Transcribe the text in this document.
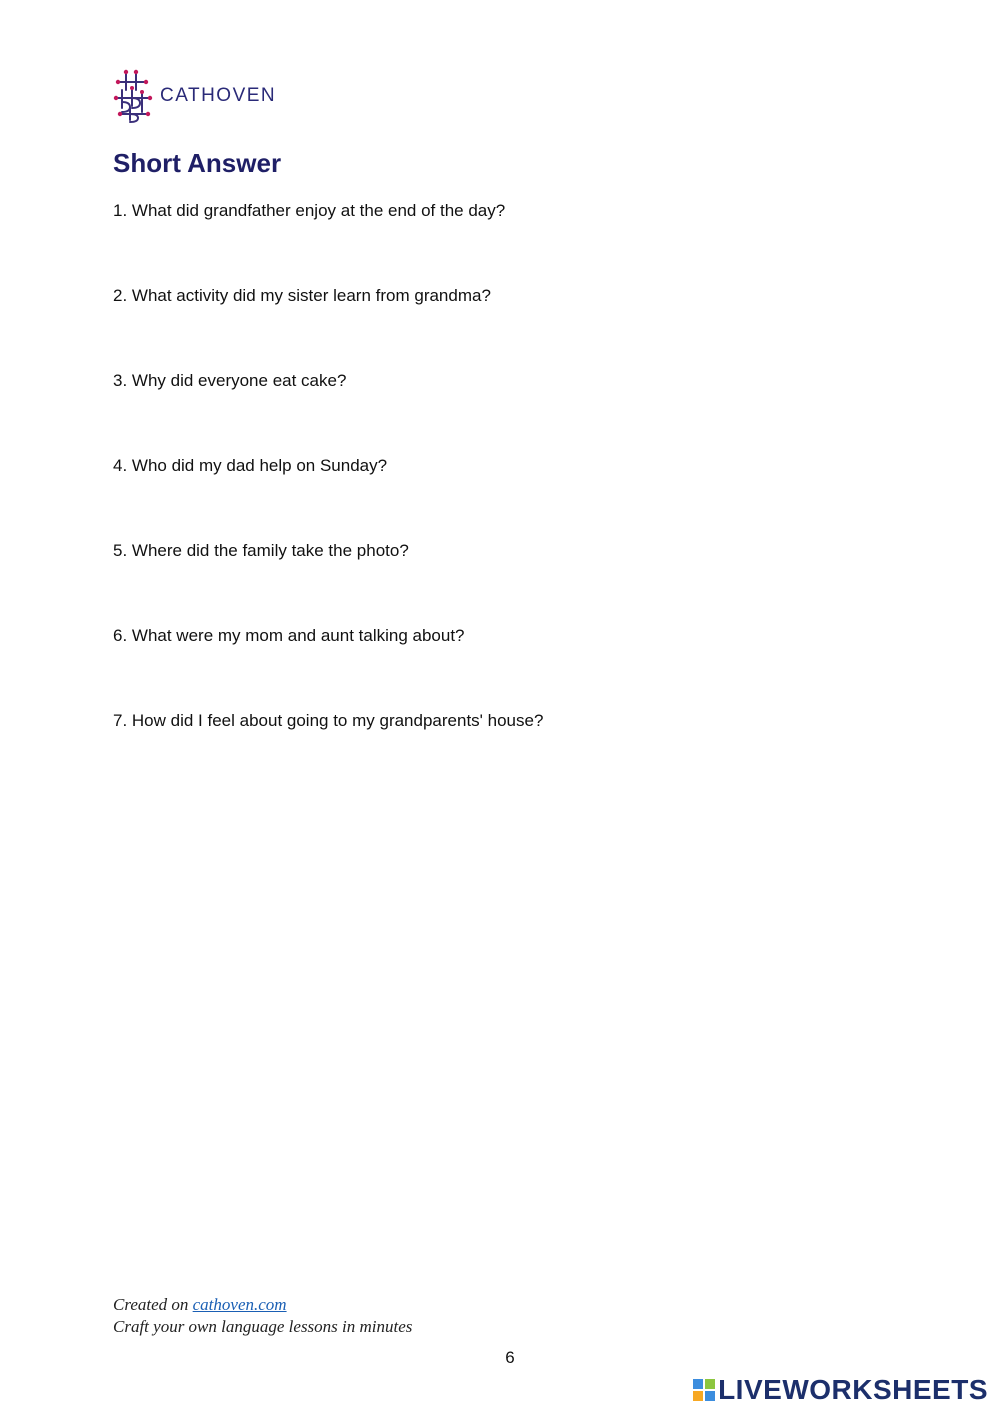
CATHOVEN
Short Answer
1. What did grandfather enjoy at the end of the day?
2. What activity did my sister learn from grandma?
3. Why did everyone eat cake?
4. Who did my dad help on Sunday?
5. Where did the family take the photo?
6. What were my mom and aunt talking about?
7. How did I feel about going to my grandparents' house?
Created on cathoven.com
Craft your own language lessons in minutes
6
LIVEWORKSHEETS
